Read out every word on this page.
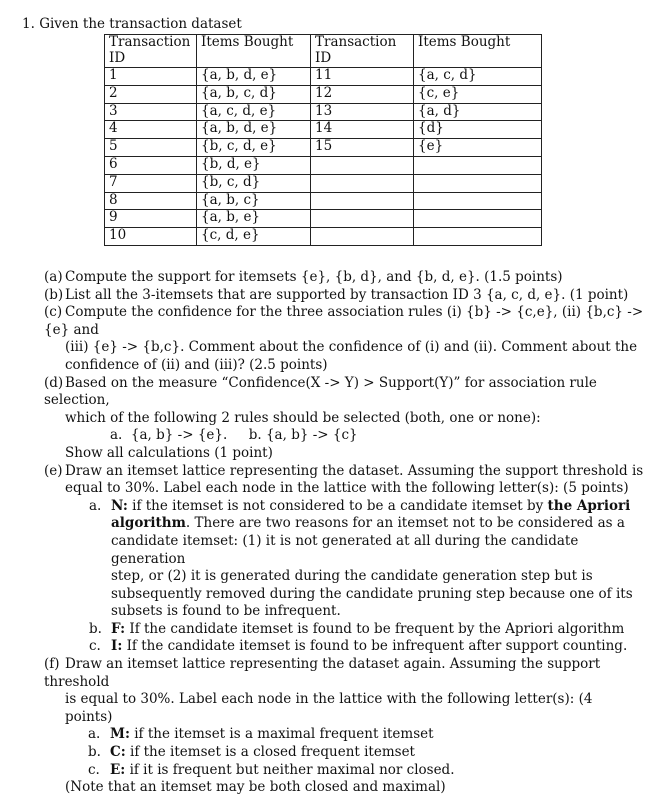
1. Given the transaction dataset
Transaction ID	Items Bought	Transaction ID	Items Bought
1	{a, b, d, e}	11	{a, c, d}
2	{a, b, c, d}	12	{c, e}
3	{a, c, d, e}	13	{a, d}
4	{a, b, d, e}	14	{d}
5	{b, c, d, e}	15	{e}
6	{b, d, e}		
7	{b, c, d}		
8	{a, b, c}		
9	{a, b, e}		
10	{c, d, e}		

(a) Compute the support for itemsets {e}, {b, d}, and {b, d, e}. (1.5 points)

(b) List all the 3-itemsets that are supported by transaction ID 3 {a, c, d, e}. (1 point)

(c) Compute the confidence for the three association rules (i) {b} -> {c,e}, (ii) {b,c} -> {e} and

(iii) {e} -> {b,c}. Comment about the confidence of (i) and (ii). Comment about the

confidence of (ii) and (iii)? (2.5 points)

(d) Based on the measure “Confidence(X -> Y) > Support(Y)” for association rule selection,

which of the following 2 rules should be selected (both, one or none):

a.  {a, b} -> {e}.     b. {a, b} -> {c}

Show all calculations (1 point)

(e) Draw an itemset lattice representing the dataset. Assuming the support threshold is

equal to 30%. Label each node in the lattice with the following letter(s): (5 points)

a. N: if the itemset is not considered to be a candidate itemset by the Apriori
algorithm. There are two reasons for an itemset not to be considered as a
candidate itemset: (1) it is not generated at all during the candidate generation
step, or (2) it is generated during the candidate generation step but is
subsequently removed during the candidate pruning step because one of its
subsets is found to be infrequent.
b. F: If the candidate itemset is found to be frequent by the Apriori algorithm
c. I: If the candidate itemset is found to be infrequent after support counting.

(f) Draw an itemset lattice representing the dataset again. Assuming the support threshold

is equal to 30%. Label each node in the lattice with the following letter(s): (4 points)

a. M: if the itemset is a maximal frequent itemset
b. C: if the itemset is a closed frequent itemset
c. E: if it is frequent but neither maximal nor closed.

(Note that an itemset may be both closed and maximal)
